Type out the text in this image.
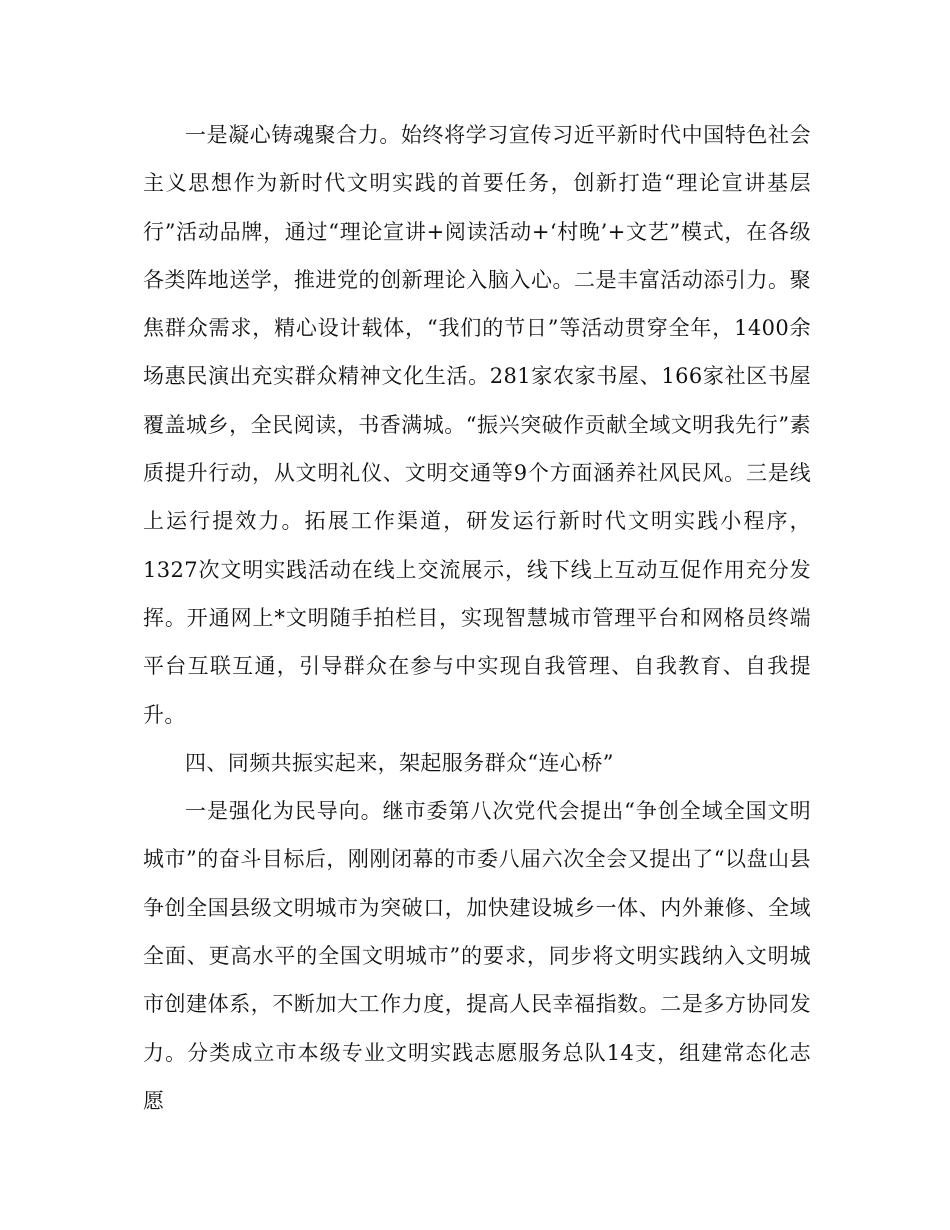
一是凝心铸魂聚合力。始终将学习宣传习近平新时代中国特色社会主义思想作为新时代文明实践的首要任务，创新打造“理论宣讲基层行”活动品牌，通过“理论宣讲+阅读活动+‘村晚’+文艺”模式，在各级各类阵地送学，推进党的创新理论入脑入心。二是丰富活动添引力。聚焦群众需求，精心设计载体，“我们的节日”等活动贯穿全年，1400余场惠民演出充实群众精神文化生活。281家农家书屋、166家社区书屋覆盖城乡，全民阅读，书香满城。“振兴突破作贡献全域文明我先行”素质提升行动，从文明礼仪、文明交通等9个方面涵养社风民风。三是线上运行提效力。拓展工作渠道，研发运行新时代文明实践小程序，1327次文明实践活动在线上交流展示，线下线上互动互促作用充分发挥。开通网上*文明随手拍栏目，实现智慧城市管理平台和网格员终端平台互联互通，引导群众在参与中实现自我管理、自我教育、自我提升。

四、同频共振实起来，架起服务群众“连心桥”

一是强化为民导向。继市委第八次党代会提出“争创全域全国文明城市”的奋斗目标后，刚刚闭幕的市委八届六次全会又提出了“以盘山县争创全国县级文明城市为突破口，加快建设城乡一体、内外兼修、全域全面、更高水平的全国文明城市”的要求，同步将文明实践纳入文明城市创建体系，不断加大工作力度，提高人民幸福指数。二是多方协同发力。分类成立市本级专业文明实践志愿服务总队14支，组建常态化志愿
